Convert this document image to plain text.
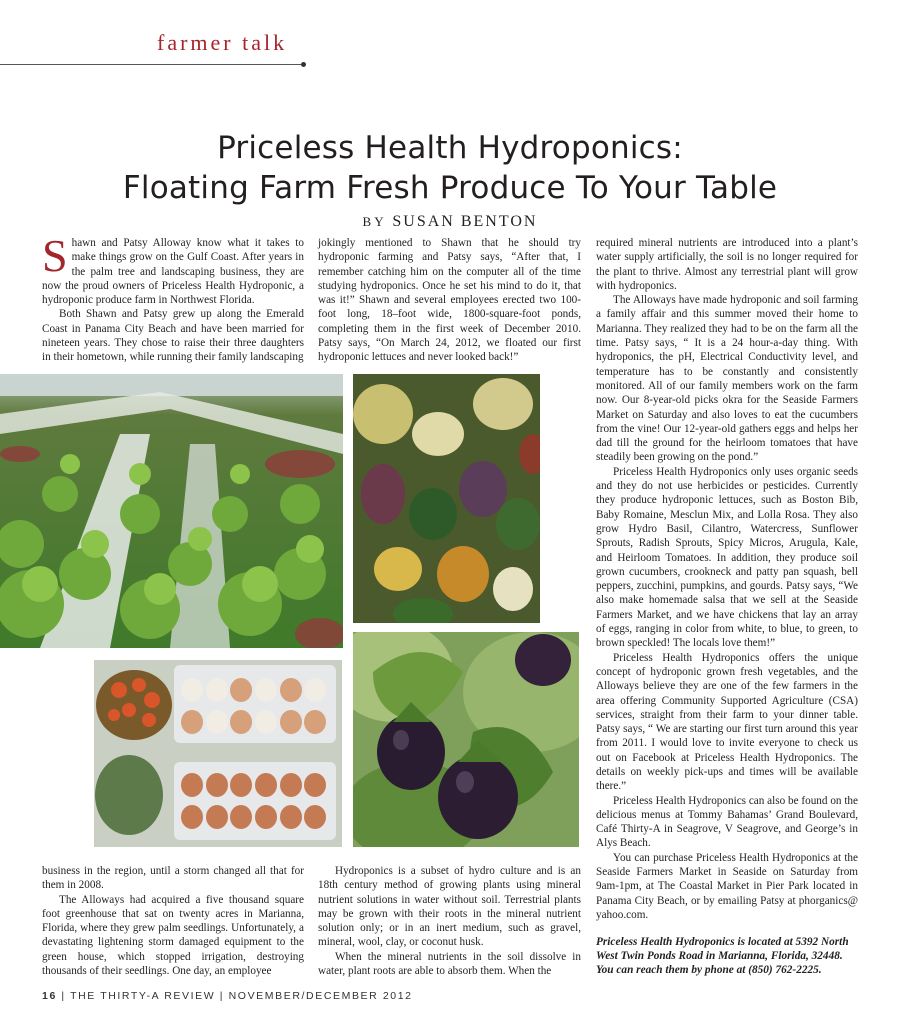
farmer talk
Priceless Health Hydroponics:
Floating Farm Fresh Produce To Your Table
BY SUSAN BENTON

Shawn and Patsy Alloway know what it takes to make things grow on the Gulf Coast. After years in the palm tree and landscaping business, they are now the proud owners of Priceless Health Hydroponic, a hydroponic produce farm in Northwest Florida.

Both Shawn and Patsy grew up along the Emerald Coast in Panama City Beach and have been married for nineteen years. They chose to raise their three daughters in their hometown, while running their family landscaping

jokingly mentioned to Shawn that he should try hydroponic farming and Patsy says, “After that, I remember catching him on the computer all of the time studying hydroponics. Once he set his mind to do it, that was it!” Shawn and several employees erected two 100-foot long, 18–foot wide, 1800-square-foot ponds, completing them in the first week of December 2010. Patsy says, “On March 24, 2012, we floated our first hydroponic lettuces and never looked back!”

required mineral nutrients are introduced into a plant’s water supply artificially, the soil is no longer required for the plant to thrive. Almost any terrestrial plant will grow with hydroponics.

The Alloways have made hydroponic and soil farming a family affair and this summer moved their home to Marianna. They realized they had to be on the farm all the time. Patsy says, “ It is a 24 hour-a-day thing. With hydroponics, the pH, Electrical Conductivity level, and temperature has to be constantly and consistently monitored. All of our family members work on the farm now. Our 8-year-old picks okra for the Seaside Farmers Market on Saturday and also loves to eat the cucumbers from the vine! Our 12-year-old gathers eggs and helps her dad till the ground for the heirloom tomatoes that have steadily been growing on the pond.”

Priceless Health Hydroponics only uses organic seeds and they do not use herbicides or pesticides. Currently they produce hydroponic lettuces, such as Boston Bib, Baby Romaine, Mesclun Mix, and Lolla Rosa. They also grow Hydro Basil, Cilantro, Watercress, Sunflower Sprouts, Radish Sprouts, Spicy Micros, Arugula, Kale, and Heirloom Tomatoes. In addition, they produce soil grown cucumbers, crookneck and patty pan squash, bell peppers, zucchini, pumpkins, and gourds. Patsy says, “We also make homemade salsa that we sell at the Seaside Farmers Market, and we have chickens that lay an array of eggs, ranging in color from white, to blue, to green, to brown speckled! The locals love them!”

Priceless Health Hydroponics offers the unique concept of hydroponic grown fresh vegetables, and the Alloways believe they are one of the few farmers in the area offering Community Supported Agriculture (CSA) services, straight from their farm to your dinner table. Patsy says, “ We are starting our first turn around this year from 2011. I would love to invite everyone to check us out on Facebook at Priceless Health Hydroponics. The details on weekly pick-ups and times will be available there.”

Priceless Health Hydroponics can also be found on the delicious menus at Tommy Bahamas’ Grand Boulevard, Café Thirty-A in Seagrove, V Seagrove, and George’s in Alys Beach.

You can purchase Priceless Health Hydroponics at the Seaside Farmers Market in Seaside on Saturday from 9am-1pm, at The Coastal Market in Pier Park located in Panama City Beach, or by emailing Patsy at phorganics@ yahoo.com.

business in the region, until a storm changed all that for them in 2008.

The Alloways had acquired a five thousand square foot greenhouse that sat on twenty acres in Marianna, Florida, where they grew palm seedlings. Unfortunately, a devastating lightening storm damaged equipment to the green house, which stopped irrigation, destroying thousands of their seedlings. One day, an employee

Hydroponics is a subset of hydro culture and is an 18th century method of growing plants using mineral nutrient solutions in water without soil. Terrestrial plants may be grown with their roots in the mineral nutrient solution only; or in an inert medium, such as gravel, mineral, wool, clay, or coconut husk.

When the mineral nutrients in the soil dissolve in water, plant roots are able to absorb them. When the

Priceless Health Hydroponics is located at 5392 North West Twin Ponds Road in Marianna, Florida, 32448. You can reach them by phone at (850) 762-2225.
16 | THE THIRTY-A REVIEW | NOVEMBER/DECEMBER 2012
